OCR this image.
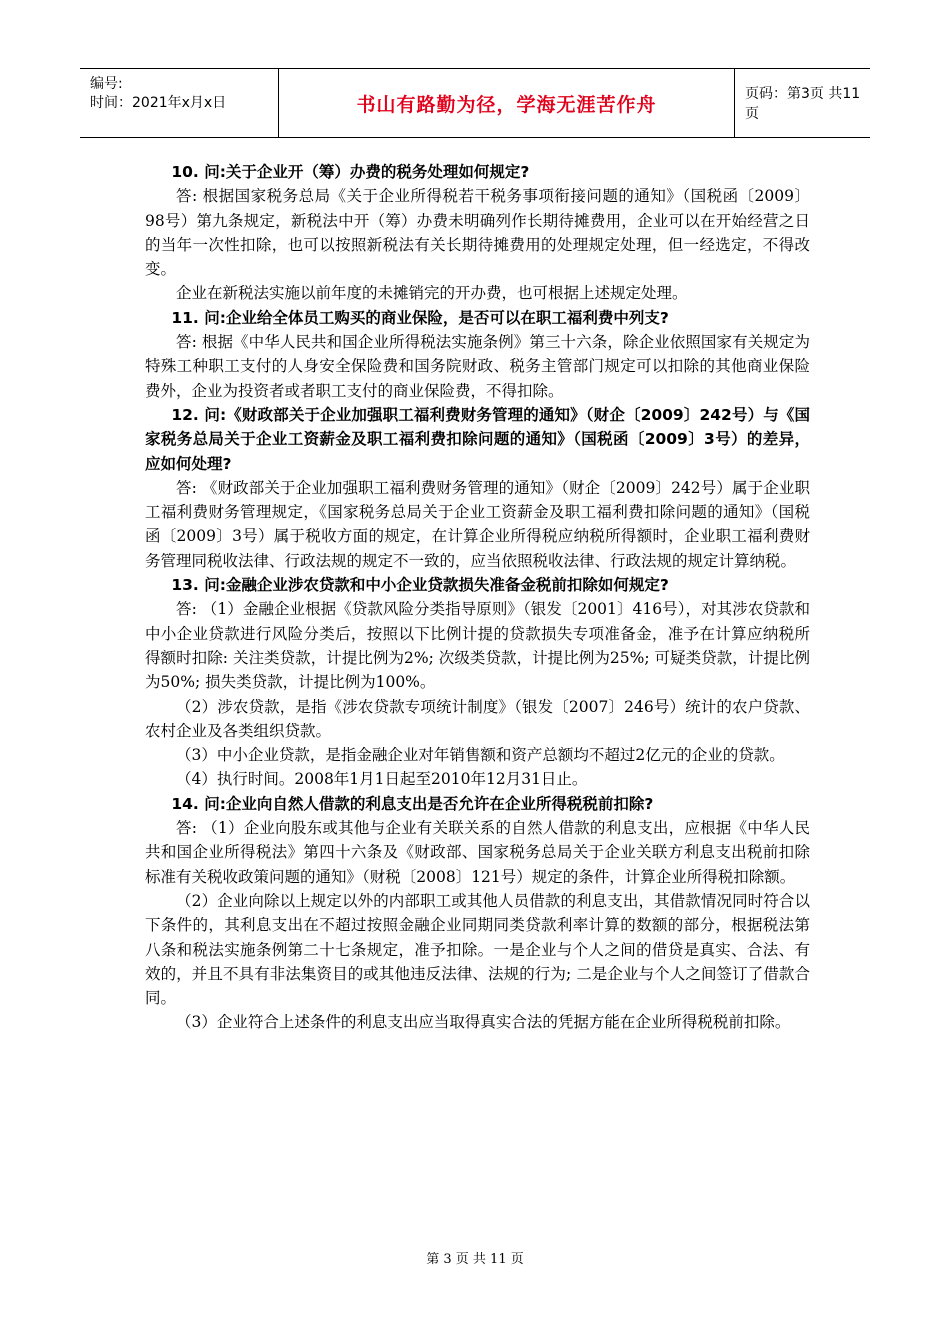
编号:
时间：2021年x月x日	书山有路勤为径，学海无涯苦作舟	页码：第3页 共11页

10. 问:关于企业开（筹）办费的税务处理如何规定?

答: 根据国家税务总局《关于企业所得税若干税务事项衔接问题的通知》（国税函〔2009〕98号）第九条规定，新税法中开（筹）办费未明确列作长期待摊费用，企业可以在开始经营之日的当年一次性扣除，也可以按照新税法有关长期待摊费用的处理规定处理，但一经选定，不得改变。

企业在新税法实施以前年度的未摊销完的开办费，也可根据上述规定处理。

11. 问:企业给全体员工购买的商业保险，是否可以在职工福利费中列支?

答: 根据《中华人民共和国企业所得税法实施条例》第三十六条，除企业依照国家有关规定为特殊工种职工支付的人身安全保险费和国务院财政、税务主管部门规定可以扣除的其他商业保险费外，企业为投资者或者职工支付的商业保险费，不得扣除。

12. 问:《财政部关于企业加强职工福利费财务管理的通知》（财企〔2009〕242号）与《国家税务总局关于企业工资薪金及职工福利费扣除问题的通知》（国税函〔2009〕3号）的差异，应如何处理?

答: 《财政部关于企业加强职工福利费财务管理的通知》（财企〔2009〕242号）属于企业职工福利费财务管理规定，《国家税务总局关于企业工资薪金及职工福利费扣除问题的通知》（国税函〔2009〕3号）属于税收方面的规定，在计算企业所得税应纳税所得额时，企业职工福利费财务管理同税收法律、行政法规的规定不一致的，应当依照税收法律、行政法规的规定计算纳税。

13. 问:金融企业涉农贷款和中小企业贷款损失准备金税前扣除如何规定?

答: （1）金融企业根据《贷款风险分类指导原则》（银发〔2001〕416号），对其涉农贷款和中小企业贷款进行风险分类后，按照以下比例计提的贷款损失专项准备金，准予在计算应纳税所得额时扣除: 关注类贷款，计提比例为2%; 次级类贷款，计提比例为25%; 可疑类贷款，计提比例为50%; 损失类贷款，计提比例为100%。

（2）涉农贷款，是指《涉农贷款专项统计制度》（银发〔2007〕246号）统计的农户贷款、农村企业及各类组织贷款。

（3）中小企业贷款，是指金融企业对年销售额和资产总额均不超过2亿元的企业的贷款。

（4）执行时间。2008年1月1日起至2010年12月31日止。

14. 问:企业向自然人借款的利息支出是否允许在企业所得税税前扣除?

答: （1）企业向股东或其他与企业有关联关系的自然人借款的利息支出，应根据《中华人民共和国企业所得税法》第四十六条及《财政部、国家税务总局关于企业关联方利息支出税前扣除标准有关税收政策问题的通知》（财税〔2008〕121号）规定的条件，计算企业所得税扣除额。

（2）企业向除以上规定以外的内部职工或其他人员借款的利息支出，其借款情况同时符合以下条件的，其利息支出在不超过按照金融企业同期同类贷款利率计算的数额的部分，根据税法第八条和税法实施条例第二十七条规定，准予扣除。一是企业与个人之间的借贷是真实、合法、有效的，并且不具有非法集资目的或其他违反法律、法规的行为; 二是企业与个人之间签订了借款合同。

（3）企业符合上述条件的利息支出应当取得真实合法的凭据方能在企业所得税税前扣除。

第 3 页 共 11 页
